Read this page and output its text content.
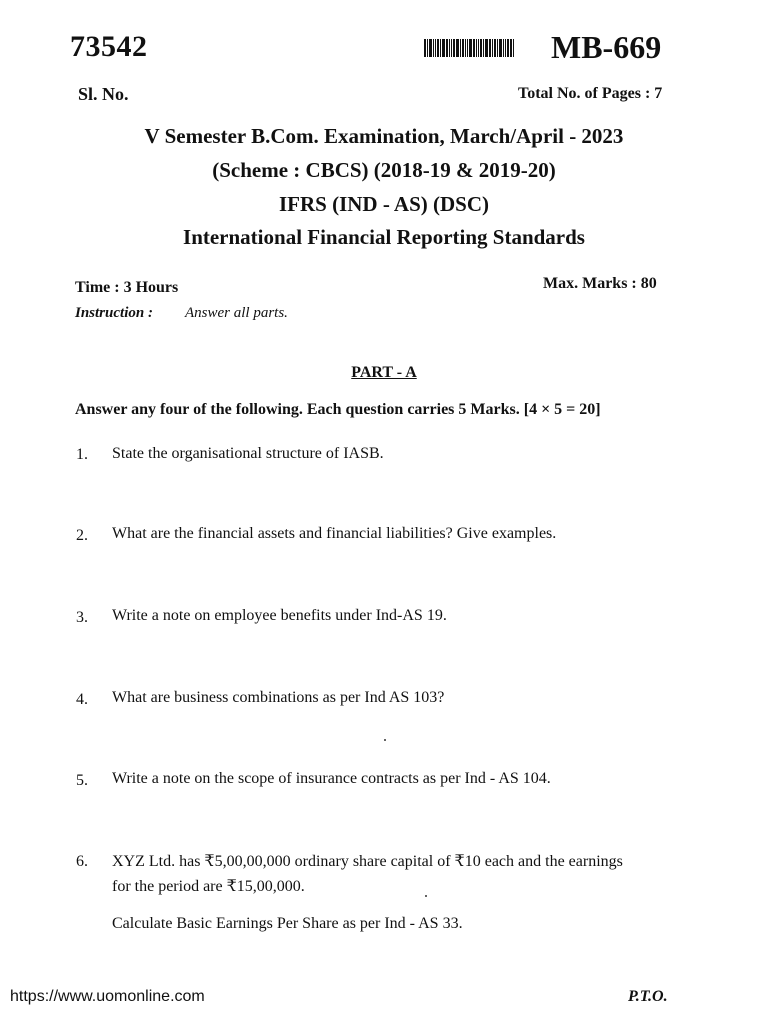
73542	MB-669
Sl. No.	Total No. of Pages : 7
V Semester B.Com. Examination, March/April - 2023
(Scheme : CBCS) (2018-19 & 2019-20)
IFRS (IND - AS) (DSC)
International Financial Reporting Standards
Time : 3 Hours	Max. Marks : 80
Instruction : Answer all parts.
PART - A
Answer any four of the following. Each question carries 5 Marks. [4 × 5 = 20]
1. State the organisational structure of IASB.
2. What are the financial assets and financial liabilities? Give examples.
3. Write a note on employee benefits under Ind-AS 19.
4. What are business combinations as per Ind AS 103?
5. Write a note on the scope of insurance contracts as per Ind - AS 104.
6. XYZ Ltd. has ₹5,00,00,000 ordinary share capital of ₹10 each and the earnings
for the period are ₹15,00,000.
Calculate Basic Earnings Per Share as per Ind - AS 33.
https://www.uomonline.com	P.T.O.
